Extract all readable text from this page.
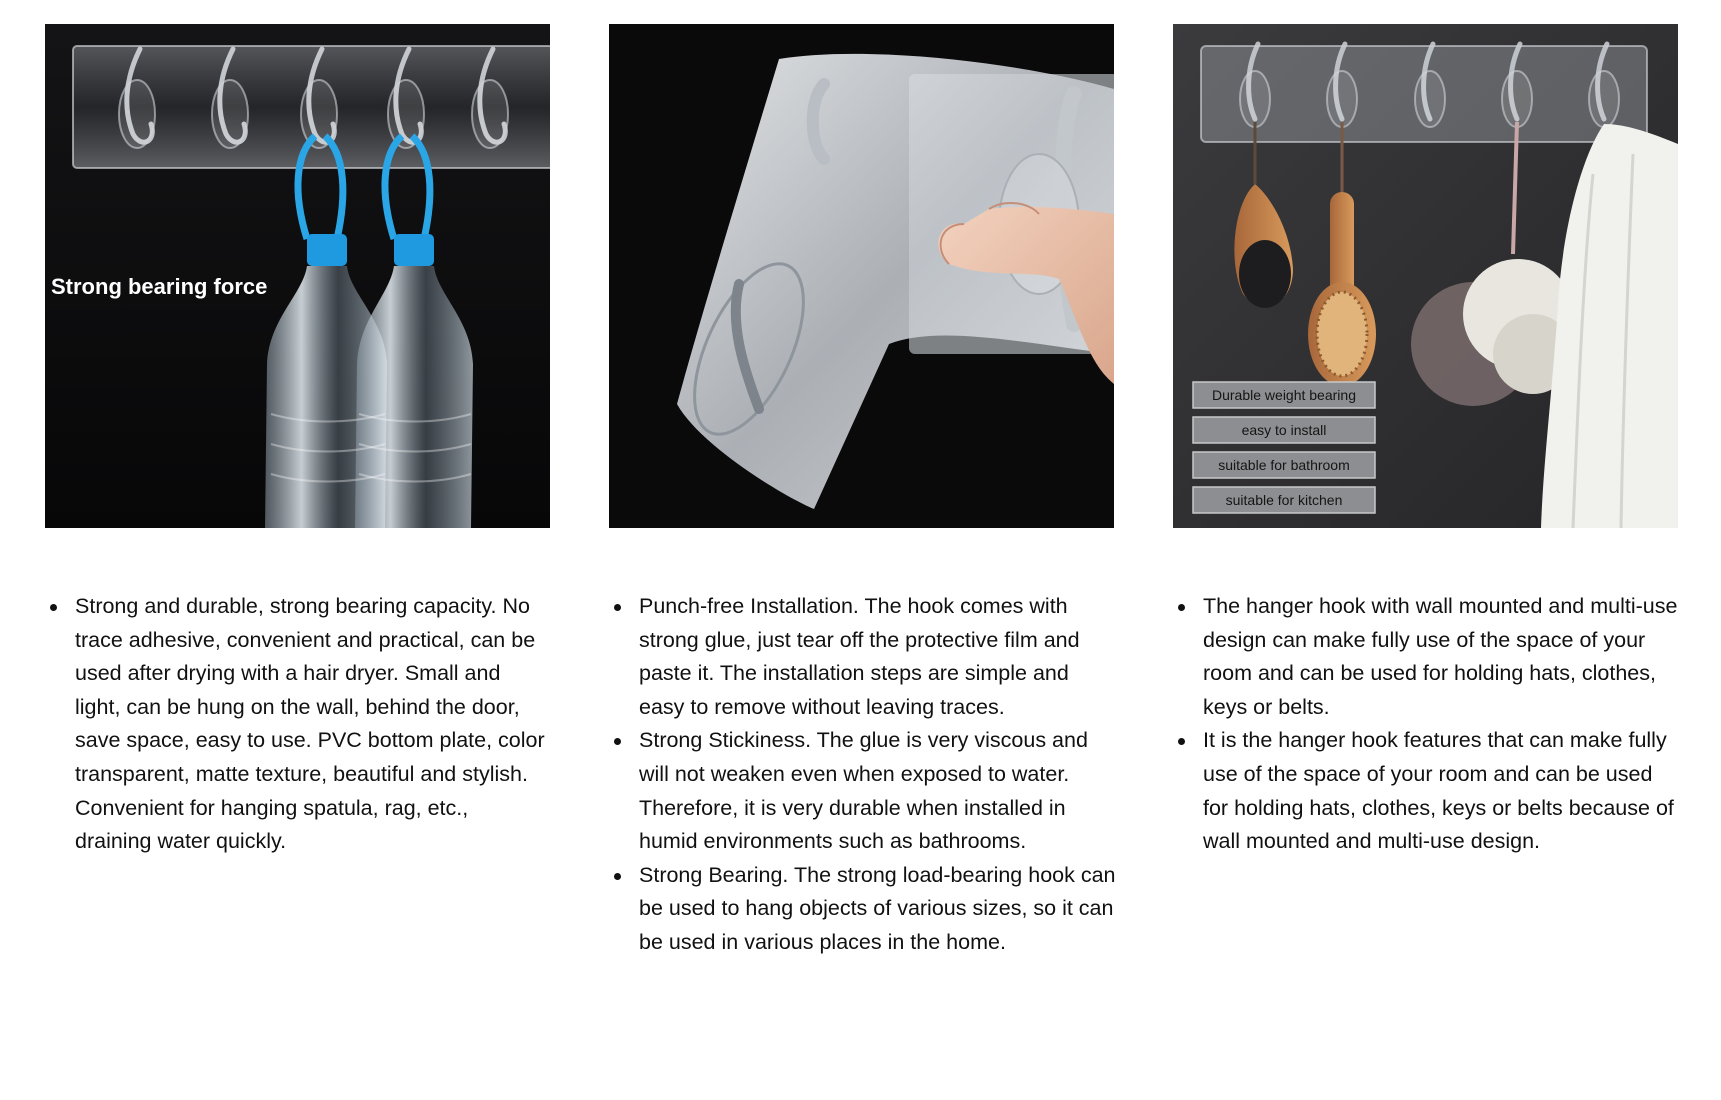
Strong bearing force
Strong and durable, strong bearing capacity. No trace adhesive, convenient and practical, can be used after drying with a hair dryer. Small and light, can be hung on the wall, behind the door, save space, easy to use. PVC bottom plate, color transparent, matte texture, beautiful and stylish. Convenient for hanging spatula, rag, etc., draining water quickly.
Punch-free Installation. The hook comes with strong glue, just tear off the protective film and paste it. The installation steps are simple and easy to remove without leaving traces.
Strong Stickiness. The glue is very viscous and will not weaken even when exposed to water. Therefore, it is very durable when installed in humid environments such as bathrooms.
Strong Bearing. The strong load-bearing hook can be used to hang objects of various sizes, so it can be used in various places in the home.
Durable weight bearing
easy to install
suitable for bathroom
suitable for kitchen
The hanger hook with wall mounted and multi-use design can make fully use of the space of your room and can be used for holding hats, clothes, keys or belts.
It is the hanger hook features that can make fully use of the space of your room and can be used for holding hats, clothes, keys or belts because of wall mounted and multi-use design.
